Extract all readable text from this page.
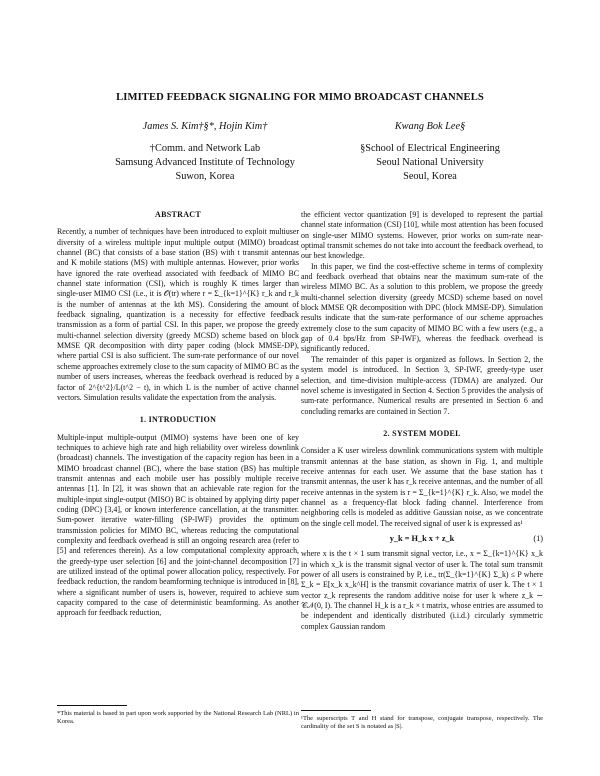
LIMITED FEEDBACK SIGNALING FOR MIMO BROADCAST CHANNELS
James S. Kim†§*, Hojin Kim†
†Comm. and Network Lab
Samsung Advanced Institute of Technology
Suwon, Korea
Kwang Bok Lee§
§School of Electrical Engineering
Seoul National University
Seoul, Korea
ABSTRACT

Recently, a number of techniques have been introduced to exploit multiuser diversity of a wireless multiple input multiple output (MIMO) broadcast channel (BC) that consists of a base station (BS) with t transmit antennas and K mobile stations (MS) with multiple antennas. However, prior works have ignored the rate overhead associated with feedback of MIMO BC channel state information (CSI), which is roughly K times larger than single-user MIMO CSI (i.e., it is 𝒪(tr) where r = Σ_{k=1}^{K} r_k and r_k is the number of antennas at the kth MS). Considering the amount of feedback signaling, quantization is a necessity for effective feedback transmission as a form of partial CSI. In this paper, we propose the greedy multi-channel selection diversity (greedy MCSD) scheme based on block MMSE QR decomposition with dirty paper coding (block MMSE-DP), where partial CSI is also sufficient. The sum-rate performance of our novel scheme approaches extremely close to the sum capacity of MIMO BC as the number of users increases, whereas the feedback overhead is reduced by a factor of 2^{t^2}/L(t^2 − t), in which L is the number of active channel vectors. Simulation results validate the expectation from the analysis.

1. INTRODUCTION

Multiple-input multiple-output (MIMO) systems have been one of key techniques to achieve high rate and high reliability over wireless downlink (broadcast) channels. The investigation of the capacity region has been in a MIMO broadcast channel (BC), where the base station (BS) has multiple transmit antennas and each mobile user has possibly multiple receive antennas [1]. In [2], it was shown that an achievable rate region for the multiple-input single-output (MISO) BC is obtained by applying dirty paper coding (DPC) [3,4], or known interference cancellation, at the transmitter. Sum-power iterative water-filling (SP-IWF) provides the optimum transmission policies for MIMO BC, whereas reducing the computational complexity and feedback overhead is still an ongoing research area (refer to [5] and references therein). As a low computational complexity approach, the greedy-type user selection [6] and the joint-channel decomposition [7] are utilized instead of the optimal power allocation policy, respectively. For feedback reduction, the random beamforming technique is introduced in [8], where a significant number of users is, however, required to achieve sum capacity compared to the case of deterministic beamforming. As another approach for feedback reduction,

the efficient vector quantization [9] is developed to represent the partial channel state information (CSI) [10], while most attention has been focused on single-user MIMO systems. However, prior works on sum-rate near-optimal transmit schemes do not take into account the feedback overhead, to our best knowledge.

In this paper, we find the cost-effective scheme in terms of complexity and feedback overhead that obtains near the maximum sum-rate of the wireless MIMO BC. As a solution to this problem, we propose the greedy multi-channel selection diversity (greedy MCSD) scheme based on novel block MMSE QR decomposition with DPC (block MMSE-DP). Simulation results indicate that the sum-rate performance of our scheme approaches extremely close to the sum capacity of MIMO BC with a few users (e.g., a gap of 0.4 bps/Hz from SP-IWF), whereas the feedback overhead is significantly reduced.

The remainder of this paper is organized as follows. In Section 2, the system model is introduced. In Section 3, SP-IWF, greedy-type user selection, and time-division multiple-access (TDMA) are analyzed. Our novel scheme is investigated in Section 4. Section 5 provides the analysis of sum-rate performance. Numerical results are presented in Section 6 and concluding remarks are contained in Section 7.

2. SYSTEM MODEL

Consider a K user wireless downlink communications system with multiple transmit antennas at the base station, as shown in Fig. 1, and multiple receive antennas for each user. We assume that the base station has t transmit antennas, the user k has r_k receive antennas, and the number of all receive antennas in the system is r = Σ_{k=1}^{K} r_k. Also, we model the channel as a frequency-flat block fading channel. Interference from neighboring cells is modeled as additive Gaussian noise, as we concentrate on the single cell model. The received signal of user k is expressed as¹

y_k = H_k x + z_k	(1)

where x is the t × 1 sum transmit signal vector, i.e., x = Σ_{k=1}^{K} x_k in which x_k is the transmit signal vector of user k. The total sum transmit power of all users is constrained by P, i.e., tr(Σ_{k=1}^{K} Σ_k) ≤ P where Σ_k = E[x_k x_k^H] is the transmit covariance matrix of user k. The t × 1 vector z_k represents the random additive noise for user k where z_k ∼ 𝒞𝒩(0, I). The channel H_k is a r_k × t matrix, whose entries are assumed to be independent and identically distributed (i.i.d.) circularly symmetric complex Gaussian random

*This material is based in part upon work supported by the National Research Lab (NRL) in Korea.	¹The superscripts T and H stand for transpose, conjugate transpose, respectively. The cardinality of the set S is notated as |S|.
